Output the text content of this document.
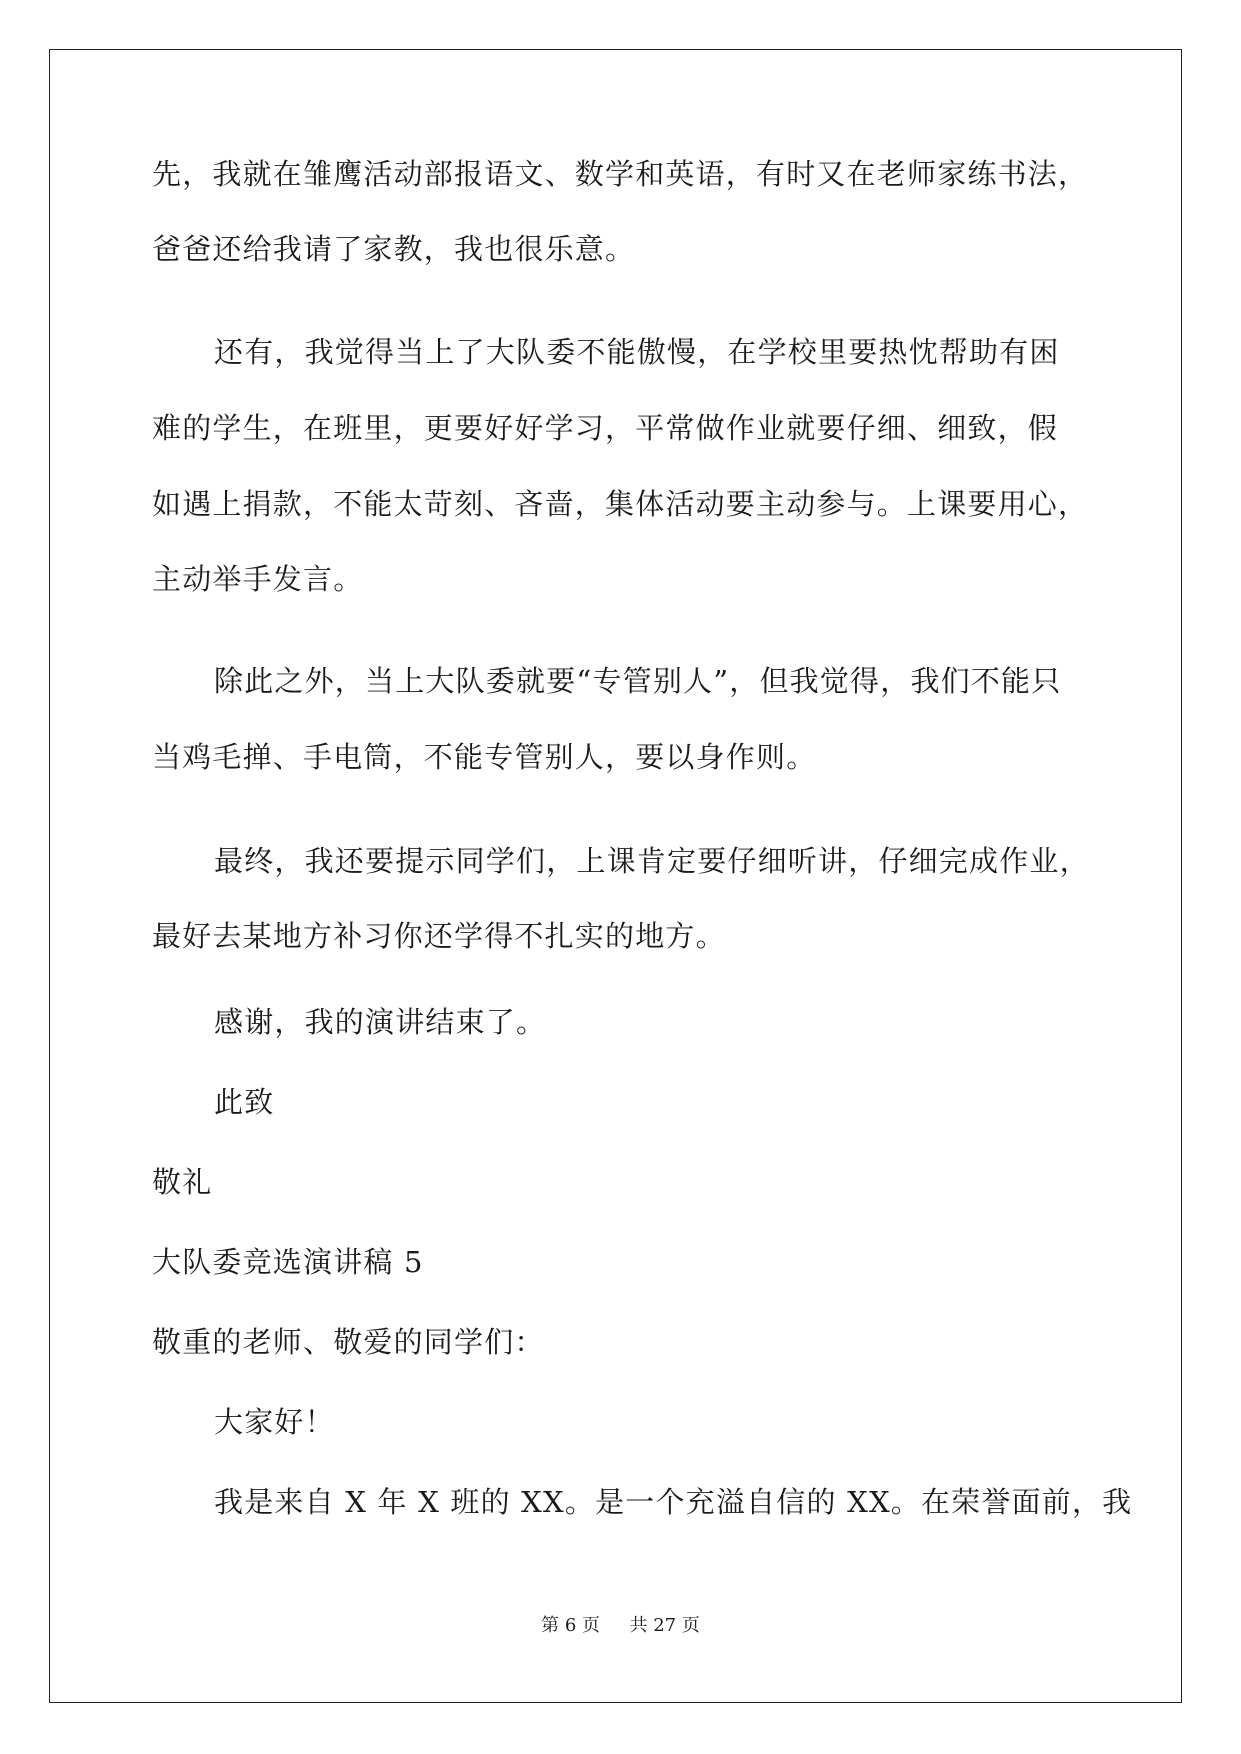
先，我就在雏鹰活动部报语文、数学和英语，有时又在老师家练书法，
爸爸还给我请了家教，我也很乐意。
还有，我觉得当上了大队委不能傲慢，在学校里要热忱帮助有困
难的学生，在班里，更要好好学习，平常做作业就要仔细、细致，假
如遇上捐款，不能太苛刻、吝啬，集体活动要主动参与。上课要用心，
主动举手发言。
除此之外，当上大队委就要“专管别人”，但我觉得，我们不能只
当鸡毛掸、手电筒，不能专管别人，要以身作则。
最终，我还要提示同学们，上课肯定要仔细听讲，仔细完成作业，
最好去某地方补习你还学得不扎实的地方。
感谢，我的演讲结束了。
此致
敬礼
大队委竞选演讲稿 5
敬重的老师、敬爱的同学们：
大家好！
我是来自 X 年 X 班的 XX。是一个充溢自信的 XX。在荣誉面前，我
第 6 页 共 27 页
